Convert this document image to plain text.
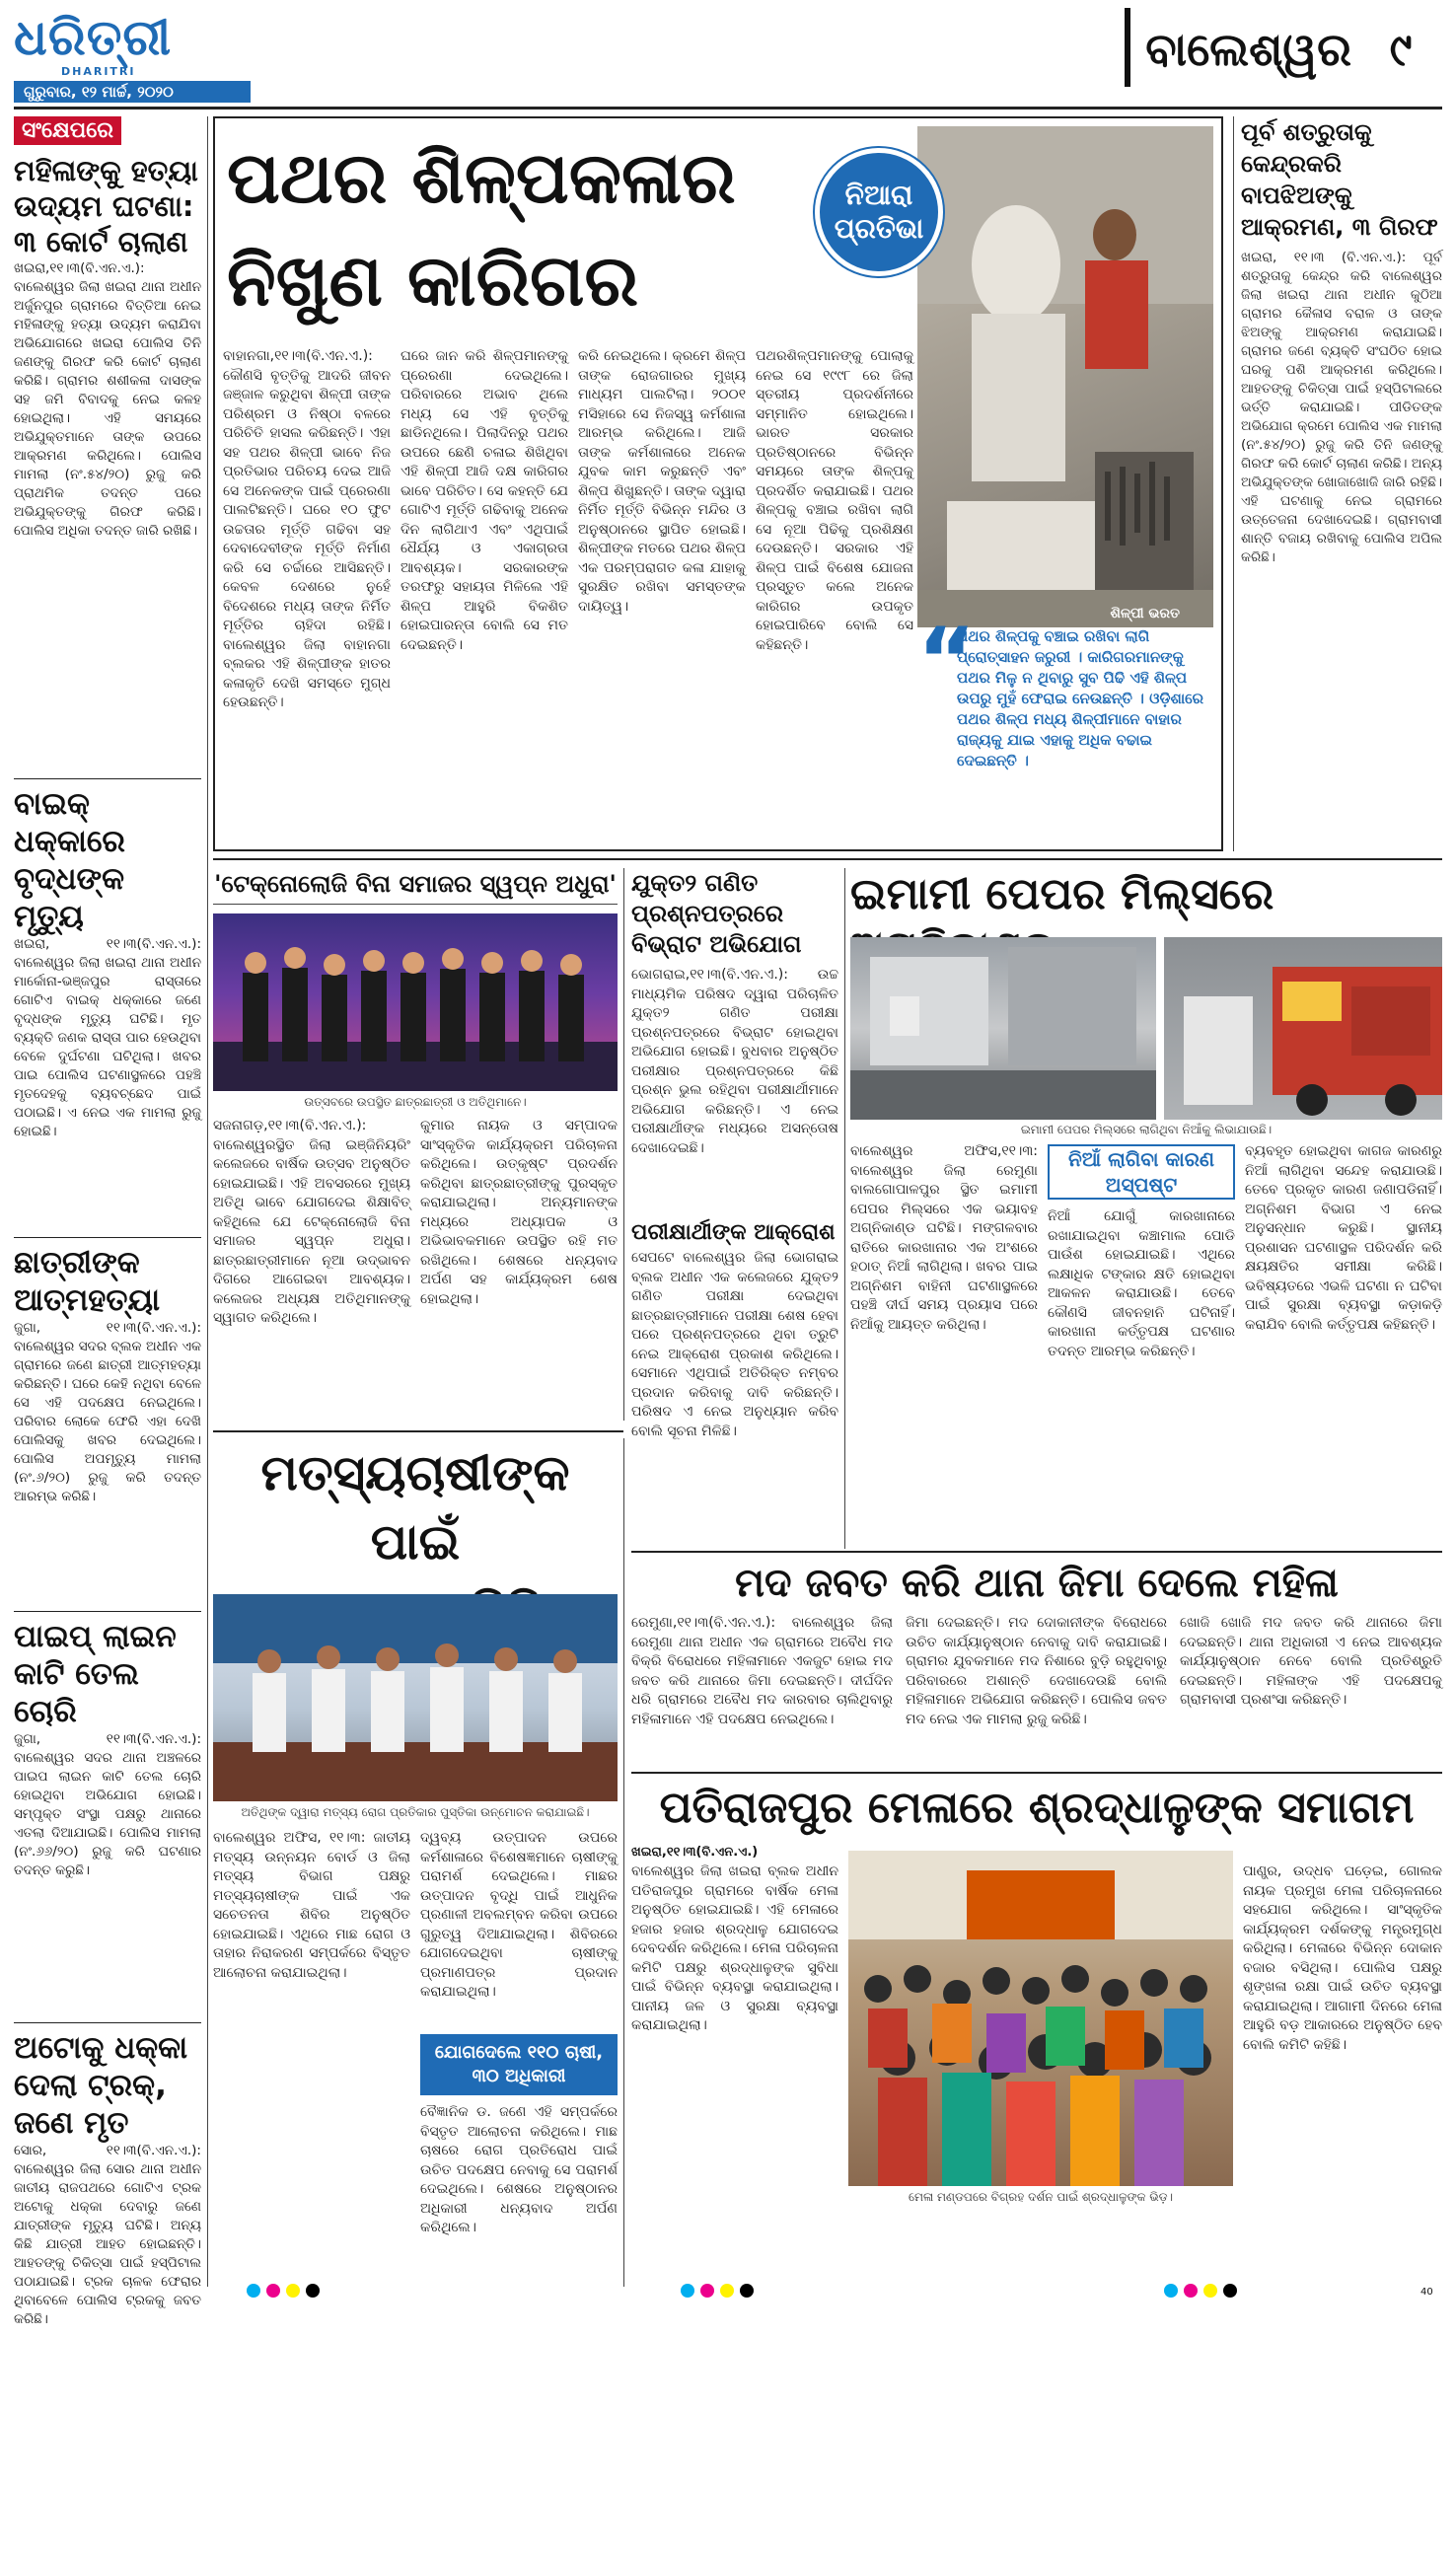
ଧରିତ୍ରୀ
DHARITRI
ଗୁରୁବାର, ୧୨ ମାର୍ଚ୍ଚ, ୨୦୨୦
ବାଲେଶ୍ୱର ୯
ସଂକ୍ଷେପରେ
ମହିଳାଙ୍କୁ ହତ୍ୟା ଉଦ୍ୟମ ଘଟଣା: ୩ କୋର୍ଟ ଚାଲାଣ
ଖଇରା,୧୧।୩(ବି.ଏନ.ଏ.): ବାଲେଶ୍ୱର ଜିଲା ଖଇରା ଥାନା ଅଧୀନ ଅର୍ଜୁନପୁର ଗ୍ରାମରେ ବିତ୍ତିଆ ନେଇ ମହିଳାଙ୍କୁ ହତ୍ୟା ଉଦ୍ୟମ କରାଯିବା ଅଭିଯୋଗରେ ଖଇରା ପୋଲିସ ତିନି ଜଣଙ୍କୁ ଗିରଫ କରି କୋର୍ଟ ଚାଲାଣ କରିଛି। ଗ୍ରାମର ଶଶୀକଳା ଦାସଙ୍କ ସହ ଜମି ବିବାଦକୁ ନେଇ କଳହ ହୋଇଥିଲା। ଏହି ସମୟରେ ଅଭିଯୁକ୍ତମାନେ ତାଙ୍କ ଉପରେ ଆକ୍ରମଣ କରିଥିଲେ। ପୋଲିସ ମାମଲା (ନଂ.୫୪/୨୦) ରୁଜୁ କରି ପ୍ରାଥମିକ ତଦନ୍ତ ପରେ ଅଭିଯୁକ୍ତଙ୍କୁ ଗିରଫ କରିଛି। ପୋଲିସ ଅଧିକା ତଦନ୍ତ ଜାରି ରଖିଛି।
ବାଇକ୍ ଧକ୍କାରେ ବୃଦ୍ଧଙ୍କ ମୃତ୍ୟୁ
ଖଇରା, ୧୧।୩(ବି.ଏନ.ଏ.): ବାଲେଶ୍ୱର ଜିଲା ଖଇରା ଥାନା ଅଧୀନ ମାର୍କୋନା-ଭଞ୍ଜପୁର ରାସ୍ତାରେ ଗୋଟିଏ ବାଇକ୍ ଧକ୍କାରେ ଜଣେ ବୃଦ୍ଧଙ୍କ ମୃତ୍ୟୁ ଘଟିଛି। ମୃତ ବ୍ୟକ୍ତି ଜଣକ ରାସ୍ତା ପାର ହେଉଥିବା ବେଳେ ଦୁର୍ଘଟଣା ଘଟିଥିଲା। ଖବର ପାଇ ପୋଲିସ ଘଟଣାସ୍ଥଳରେ ପହଞ୍ଚି ମୃତଦେହକୁ ବ୍ୟବଚ୍ଛେଦ ପାଇଁ ପଠାଇଛି। ଏ ନେଇ ଏକ ମାମଲା ରୁଜୁ ହୋଇଛି।
ଛାତ୍ରୀଙ୍କ ଆତ୍ମହତ୍ୟା
ଜୁଗା, ୧୧।୩(ବି.ଏନ.ଏ.): ବାଲେଶ୍ୱର ସଦର ବ୍ଲକ ଅଧୀନ ଏକ ଗ୍ରାମରେ ଜଣେ ଛାତ୍ରୀ ଆତ୍ମହତ୍ୟା କରିଛନ୍ତି। ଘରେ କେହି ନଥିବା ବେଳେ ସେ ଏହି ପଦକ୍ଷେପ ନେଇଥିଲେ। ପରିବାର ଲୋକେ ଫେରି ଏହା ଦେଖି ପୋଲିସକୁ ଖବର ଦେଇଥିଲେ। ପୋଲିସ ଅପମୃତ୍ୟୁ ମାମଲା (ନଂ.୬/୨୦) ରୁଜୁ କରି ତଦନ୍ତ ଆରମ୍ଭ କରିଛି।
ପାଇପ୍ ଲାଇନ କାଟି ତେଲ ଚୋରି
ଜୁଗା, ୧୧।୩(ବି.ଏନ.ଏ.): ବାଲେଶ୍ୱର ସଦର ଥାନା ଅଞ୍ଚଳରେ ପାଇପ ଲାଇନ କାଟି ତେଲ ଚୋରି ହୋଇଥିବା ଅଭିଯୋଗ ହୋଇଛି। ସମ୍ପୃକ୍ତ ସଂସ୍ଥା ପକ୍ଷରୁ ଥାନାରେ ଏତଲା ଦିଆଯାଇଛି। ପୋଲିସ ମାମଲା (ନଂ.୬୬/୨୦) ରୁଜୁ କରି ଘଟଣାର ତଦନ୍ତ କରୁଛି।
ଅଟୋକୁ ଧକ୍କା ଦେଲା ଟ୍ରକ୍, ଜଣେ ମୃତ
ସୋର, ୧୧।୩(ବି.ଏନ.ଏ.): ବାଲେଶ୍ୱର ଜିଲା ସୋର ଥାନା ଅଧୀନ ଜାତୀୟ ରାଜପଥରେ ଗୋଟିଏ ଟ୍ରକ ଅଟୋକୁ ଧକ୍କା ଦେବାରୁ ଜଣେ ଯାତ୍ରୀଙ୍କ ମୃତ୍ୟୁ ଘଟିଛି। ଅନ୍ୟ କିଛି ଯାତ୍ରୀ ଆହତ ହୋଇଛନ୍ତି। ଆହତଙ୍କୁ ଚିକିତ୍ସା ପାଇଁ ହସ୍ପିଟାଲ ପଠାଯାଇଛି। ଟ୍ରକ ଚାଳକ ଫେରାର ଥିବାବେଳେ ପୋଲିସ ଟ୍ରକକୁ ଜବତ କରିଛି।
ପଥର ଶିଳ୍ପକଳାର
ନିଖୁଣ କାରିଗର
ନିଆରା
ପ୍ରତିଭା
ଶିଳ୍ପୀ ଭରତ
“
ପଥର ଶିଳ୍ପକୁ ବଞ୍ଚାଇ ରଖିବା ଲାଗି ପ୍ରୋତ୍ସାହନ ଜରୁରୀ । କାରିଗରମାନଙ୍କୁ ପଥର ମିଳୁ ନ ଥିବାରୁ ସୁବ ପିଢି ଏହି ଶିଳ୍ପ ଉପରୁ ମୁହଁ ଫେରାଇ ନେଉଛନ୍ତି । ଓଡ଼ିଶାରେ ପଥର ଶିଳ୍ପ ମଧ୍ୟ ଶିଳ୍ପୀମାନେ ବାହାର ରାଜ୍ୟକୁ ଯାଇ ଏହାକୁ ଅଧିକ ବଢାଇ ଦେଇଛନ୍ତି ।
ବାହାନଗା,୧୧।୩(ବି.ଏନ.ଏ.): କୌଣସି ବୃତ୍ତିକୁ ଆଦରି ଜୀବନ ଜଞ୍ଜାଳ କରୁଥିବା ଶିଳ୍ପୀ ତାଙ୍କ ପରିଶ୍ରମ ଓ ନିଷ୍ଠା ବଳରେ ପରିଚିତି ହାସଲ କରିଛନ୍ତି। ଏହା ସହ ପଥର ଶିଳ୍ପୀ ଭାବେ ନିଜ ପ୍ରତିଭାର ପରିଚୟ ଦେଇ ଆଜି ସେ ଅନେକଙ୍କ ପାଇଁ ପ୍ରେରଣା ପାଲଟିଛନ୍ତି। ଘରେ ୧୦ ଫୁଟ ଉଚ୍ଚତାର ମୂର୍ତ୍ତି ଗଢିବା ସହ ଦେବାଦେବୀଙ୍କ ମୂର୍ତ୍ତି ନିର୍ମାଣ କରି ସେ ଚର୍ଚ୍ଚାରେ ଆସିଛନ୍ତି। କେବଳ ଦେଶରେ ନୁହେଁ ବିଦେଶରେ ମଧ୍ୟ ତାଙ୍କ ନିର୍ମିତ ମୂର୍ତ୍ତିର ଚାହିଦା ରହିଛି। ବାଲେଶ୍ୱର ଜିଲା ବାହାନଗା ବ୍ଲକର ଏହି ଶିଳ୍ପୀଙ୍କ ହାତର କଳାକୃତି ଦେଖି ସମସ୍ତେ ମୁଗ୍ଧ ହେଉଛନ୍ତି।
ଘରେ ଜାନ କରି ଶିଳ୍ପମାନଙ୍କୁ ପ୍ରେରଣା ଦେଇଥିଲେ। ପରିବାରରେ ଅଭାବ ଥିଲେ ମଧ୍ୟ ସେ ଏହି ବୃତ୍ତିକୁ ଛାଡିନଥିଲେ। ପିଲାଦିନରୁ ପଥର ଉପରେ ଛେଣି ଚଳାଇ ଶିଖିଥିବା ଏହି ଶିଳ୍ପୀ ଆଜି ଦକ୍ଷ କାରିଗର ଭାବେ ପରିଚିତ। ସେ କହନ୍ତି ଯେ ଗୋଟିଏ ମୂର୍ତ୍ତି ଗଢିବାକୁ ଅନେକ ଦିନ ଲାଗିଥାଏ ଏବଂ ଏଥିପାଇଁ ଧୈର୍ଯ୍ୟ ଓ ଏକାଗ୍ରତା ଆବଶ୍ୟକ। ସରକାରଙ୍କ ତରଫରୁ ସହାୟତା ମିଳିଲେ ଏହି ଶିଳ୍ପ ଆହୁରି ବିକଶିତ ହୋଇପାରନ୍ତା ବୋଲି ସେ ମତ ଦେଇଛନ୍ତି।
କରି ନେଇଥିଲେ। କ୍ରମେ ଶିଳ୍ପ ତାଙ୍କ ରୋଜଗାରର ମୁଖ୍ୟ ମାଧ୍ୟମ ପାଲଟିଲା। ୨୦୦୧ ମସିହାରେ ସେ ନିଜସ୍ୱ କର୍ମଶାଳା ଆରମ୍ଭ କରିଥିଲେ। ଆଜି ତାଙ୍କ କର୍ମଶାଳାରେ ଅନେକ ଯୁବକ କାମ କରୁଛନ୍ତି ଏବଂ ଶିଳ୍ପ ଶିଖୁଛନ୍ତି। ତାଙ୍କ ଦ୍ୱାରା ନିର୍ମିତ ମୂର୍ତ୍ତି ବିଭିନ୍ନ ମନ୍ଦିର ଓ ଅନୁଷ୍ଠାନରେ ସ୍ଥାପିତ ହୋଇଛି। ଶିଳ୍ପୀଙ୍କ ମତରେ ପଥର ଶିଳ୍ପ ଏକ ପରମ୍ପରାଗତ କଳା ଯାହାକୁ ସୁରକ୍ଷିତ ରଖିବା ସମସ୍ତଙ୍କ ଦାୟିତ୍ୱ।
ପଥରଶିଳ୍ପମାନଙ୍କୁ ପୋଲାକୁ ନେଇ ସେ ୧୯୯୮ ରେ ଜିଲା ସ୍ତରୀୟ ପ୍ରଦର୍ଶନୀରେ ସମ୍ମାନିତ ହୋଇଥିଲେ। ଭାରତ ସରକାର ପ୍ରତିଷ୍ଠାନରେ ବିଭିନ୍ନ ସମୟରେ ତାଙ୍କ ଶିଳ୍ପକୁ ପ୍ରଦର୍ଶିତ କରାଯାଇଛି। ପଥର ଶିଳ୍ପକୁ ବଞ୍ଚାଇ ରଖିବା ଲାଗି ସେ ନୂଆ ପିଢିକୁ ପ୍ରଶିକ୍ଷଣ ଦେଉଛନ୍ତି। ସରକାର ଏହି ଶିଳ୍ପ ପାଇଁ ବିଶେଷ ଯୋଜନା ପ୍ରସ୍ତୁତ କଲେ ଅନେକ କାରିଗର ଉପକୃତ ହୋଇପାରିବେ ବୋଲି ସେ କହିଛନ୍ତି।
ପୂର୍ବ ଶତ୍ରୁତାକୁ କେନ୍ଦ୍ରକରି ବାପଝିଅଙ୍କୁ ଆକ୍ରମଣ, ୩ ଗିରଫ
ଖଇରା, ୧୧।୩ (ବି.ଏନ.ଏ.): ପୂର୍ବ ଶତ୍ରୁତାକୁ କେନ୍ଦ୍ର କରି ବାଲେଶ୍ୱର ଜିଲା ଖଇରା ଥାନା ଅଧୀନ କୁଠିଆ ଗ୍ରାମର କୈଳାସ ବରାଳ ଓ ତାଙ୍କ ଝିଅଙ୍କୁ ଆକ୍ରମଣ କରାଯାଇଛି। ଗ୍ରାମର ଜଣେ ବ୍ୟକ୍ତି ସଂଘଠିତ ହୋଇ ଘରକୁ ପଶି ଆକ୍ରମଣ କରିଥିଲେ। ଆହତଙ୍କୁ ଚିକିତ୍ସା ପାଇଁ ହସ୍ପିଟାଲରେ ଭର୍ତ୍ତି କରାଯାଇଛି। ପୀଡିତଙ୍କ ଅଭିଯୋଗ କ୍ରମେ ପୋଲିସ ଏକ ମାମଲା (ନଂ.୫୪/୨୦) ରୁଜୁ କରି ତିନି ଜଣଙ୍କୁ ଗିରଫ କରି କୋର୍ଟ ଚାଲାଣ କରିଛି। ଅନ୍ୟ ଅଭିଯୁକ୍ତଙ୍କ ଖୋଜାଖୋଜି ଜାରି ରହିଛି। ଏହି ଘଟଣାକୁ ନେଇ ଗ୍ରାମରେ ଉତ୍ତେଜନା ଦେଖାଦେଇଛି। ଗ୍ରାମବାସୀ ଶାନ୍ତି ବଜାୟ ରଖିବାକୁ ପୋଲିସ ଅପିଲ କରିଛି।
'ଟେକ୍ନୋଲୋଜି ବିନା ସମାଜର ସ୍ୱପ୍ନ ଅଧୁରା'
ଉତ୍ସବରେ ଉପସ୍ଥିତ ଛାତ୍ରଛାତ୍ରୀ ଓ ଅତିଥିମାନେ।
ସଜନାଗଡ଼,୧୧।୩(ବି.ଏନ.ଏ.): ବାଲେଶ୍ୱରସ୍ଥିତ ଜିଲା ଇଞ୍ଜିନିୟରିଂ କଲେଜରେ ବାର୍ଷିକ ଉତ୍ସବ ଅନୁଷ୍ଠିତ ହୋଇଯାଇଛି। ଏହି ଅବସରରେ ମୁଖ୍ୟ ଅତିଥି ଭାବେ ଯୋଗଦେଇ ଶିକ୍ଷାବିତ୍ କହିଥିଲେ ଯେ ଟେକ୍ନୋଲୋଜି ବିନା ସମାଜର ସ୍ୱପ୍ନ ଅଧୁରା। ଛାତ୍ରଛାତ୍ରୀମାନେ ନୂଆ ଉଦ୍ଭାବନ ଦିଗରେ ଆଗେଇବା ଆବଶ୍ୟକ। କଲେଜର ଅଧ୍ୟକ୍ଷ ଅତିଥିମାନଙ୍କୁ ସ୍ୱାଗତ କରିଥିଲେ।
କୁମାର ନାୟକ ଓ ସମ୍ପାଦକ ସାଂସ୍କୃତିକ କାର୍ଯ୍ୟକ୍ରମ ପରିଚାଳନା କରିଥିଲେ। ଉତ୍କୃଷ୍ଟ ପ୍ରଦର୍ଶନ କରିଥିବା ଛାତ୍ରଛାତ୍ରୀଙ୍କୁ ପୁରସ୍କୃତ କରାଯାଇଥିଲା। ଅନ୍ୟମାନଙ୍କ ମଧ୍ୟରେ ଅଧ୍ୟାପକ ଓ ଅଭିଭାବକମାନେ ଉପସ୍ଥିତ ରହି ମତ ରଖିଥିଲେ। ଶେଷରେ ଧନ୍ୟବାଦ ଅର୍ପଣ ସହ କାର୍ଯ୍ୟକ୍ରମ ଶେଷ ହୋଇଥିଲା।
ଯୁକ୍ତ୨ ଗଣିତ ପ୍ରଶ୍ନପତ୍ରରେ ବିଭ୍ରାଟ ଅଭିଯୋଗ
ଭୋଗରାଇ,୧୧।୩(ବି.ଏନ.ଏ.): ଉଚ୍ଚ ମାଧ୍ୟମିକ ପରିଷଦ ଦ୍ୱାରା ପରିଚାଳିତ ଯୁକ୍ତ୨ ଗଣିତ ପରୀକ୍ଷା ପ୍ରଶ୍ନପତ୍ରରେ ବିଭ୍ରାଟ ହୋଇଥିବା ଅଭିଯୋଗ ହୋଇଛି। ବୁଧବାର ଅନୁଷ୍ଠିତ ପରୀକ୍ଷାର ପ୍ରଶ୍ନପତ୍ରରେ କିଛି ପ୍ରଶ୍ନ ଭୁଲ ରହିଥିବା ପରୀକ୍ଷାର୍ଥୀମାନେ ଅଭିଯୋଗ କରିଛନ୍ତି। ଏ ନେଇ ପରୀକ୍ଷାର୍ଥୀଙ୍କ ମଧ୍ୟରେ ଅସନ୍ତୋଷ ଦେଖାଦେଇଛି।
ପରୀକ୍ଷାର୍ଥୀଙ୍କ ଆକ୍ରୋଶ
ସେପଟେ ବାଲେଶ୍ୱର ଜିଲା ଭୋଗରାଇ ବ୍ଲକ ଅଧୀନ ଏକ କଲେଜରେ ଯୁକ୍ତ୨ ଗଣିତ ପରୀକ୍ଷା ଦେଇଥିବା ଛାତ୍ରଛାତ୍ରୀମାନେ ପରୀକ୍ଷା ଶେଷ ହେବା ପରେ ପ୍ରଶ୍ନପତ୍ରରେ ଥିବା ତ୍ରୁଟି ନେଇ ଆକ୍ରୋଶ ପ୍ରକାଶ କରିଥିଲେ। ସେମାନେ ଏଥିପାଇଁ ଅତିରିକ୍ତ ନମ୍ବର ପ୍ରଦାନ କରିବାକୁ ଦାବି କରିଛନ୍ତି। ପରିଷଦ ଏ ନେଇ ଅନୁଧ୍ୟାନ କରିବ ବୋଲି ସୂଚନା ମିଳିଛି।
ଇମାମୀ ପେପର ମିଲ୍ସରେ
ଇମାମୀ ପେପର ମିଲ୍ସରେ ଲାଗିଥିବା ନିଆଁକୁ ଲିଭାଯାଉଛି।
ବାଲେଶ୍ୱର ଅଫିସ,୧୧।୩: ବାଲେଶ୍ୱର ଜିଲା ରେମୁଣା ବାଲଗୋପାଳପୁର ସ୍ଥିତ ଇମାମୀ ପେପର ମିଲ୍ସରେ ଏକ ଭୟାବହ ଅଗ୍ନିକାଣ୍ଡ ଘଟିଛି। ମଙ୍ଗଳବାର ରାତିରେ କାରଖାନାର ଏକ ଅଂଶରେ ହଠାତ୍ ନିଆଁ ଲାଗିଥିଲା। ଖବର ପାଇ ଅଗ୍ନିଶମ ବାହିନୀ ଘଟଣାସ୍ଥଳରେ ପହଞ୍ଚି ଦୀର୍ଘ ସମୟ ପ୍ରୟାସ ପରେ ନିଆଁକୁ ଆୟତ୍ତ କରିଥିଲା।
ନିଆଁ ଲାଗିବା କାରଣ ଅସ୍ପଷ୍ଟ
ନିଆଁ ଯୋଗୁଁ କାରଖାନାରେ ରଖାଯାଇଥିବା କଞ୍ଚାମାଲ ପୋଡି ପାଉଁଶ ହୋଇଯାଇଛି। ଏଥିରେ ଲକ୍ଷାଧିକ ଟଙ୍କାର କ୍ଷତି ହୋଇଥିବା ଆକଳନ କରାଯାଉଛି। ତେବେ କୌଣସି ଜୀବନହାନି ଘଟିନାହିଁ। କାରଖାନା କର୍ତ୍ତୃପକ୍ଷ ଘଟଣାର ତଦନ୍ତ ଆରମ୍ଭ କରିଛନ୍ତି।
ବ୍ୟବହୃତ ହୋଇଥିବା କାଗଜ କାରଣରୁ ନିଆଁ ଲାଗିଥିବା ସନ୍ଦେହ କରାଯାଉଛି। ତେବେ ପ୍ରକୃତ କାରଣ ଜଣାପଡିନାହିଁ। ଅଗ୍ନିଶମ ବିଭାଗ ଏ ନେଇ ଅନୁସନ୍ଧାନ କରୁଛି। ସ୍ଥାନୀୟ ପ୍ରଶାସନ ଘଟଣାସ୍ଥଳ ପରିଦର୍ଶନ କରି କ୍ଷୟକ୍ଷତିର ସମୀକ୍ଷା କରିଛି। ଭବିଷ୍ୟତରେ ଏଭଳି ଘଟଣା ନ ଘଟିବା ପାଇଁ ସୁରକ୍ଷା ବ୍ୟବସ୍ଥା କଡ଼ାକଡ଼ି କରାଯିବ ବୋଲି କର୍ତ୍ତୃପକ୍ଷ କହିଛନ୍ତି।
ମତ୍ସ୍ୟଚାଷୀଙ୍କ ପାଇଁ
ଅତିଥିଙ୍କ ଦ୍ୱାରା ମତ୍ସ୍ୟ ରୋଗ ପ୍ରତିକାର ପୁସ୍ତିକା ଉନ୍ମୋଚନ କରାଯାଇଛି।
ବାଲେଶ୍ୱର ଅଫିସ, ୧୧।୩: ଜାତୀୟ ମତ୍ସ୍ୟ ଉନ୍ନୟନ ବୋର୍ଡ ଓ ଜିଲା ମତ୍ସ୍ୟ ବିଭାଗ ପକ୍ଷରୁ ମତ୍ସ୍ୟଚାଷୀଙ୍କ ପାଇଁ ଏକ ସଚେତନତା ଶିବିର ଅନୁଷ୍ଠିତ ହୋଇଯାଇଛି। ଏଥିରେ ମାଛ ରୋଗ ଓ ତାହାର ନିରାକରଣ ସମ୍ପର୍କରେ ବିସ୍ତୃତ ଆଲୋଚନା କରାଯାଇଥିଲା।
ଦ୍ୱବ୍ୟ ଉତ୍ପାଦନ ଉପରେ କର୍ମଶାଳାରେ ବିଶେଷଜ୍ଞମାନେ ଚାଷୀଙ୍କୁ ପରାମର୍ଶ ଦେଇଥିଲେ। ମାଛର ଉତ୍ପାଦନ ବୃଦ୍ଧି ପାଇଁ ଆଧୁନିକ ପ୍ରଣାଳୀ ଅବଲମ୍ବନ କରିବା ଉପରେ ଗୁରୁତ୍ୱ ଦିଆଯାଇଥିଲା। ଶିବିରରେ ଯୋଗଦେଇଥିବା ଚାଷୀଙ୍କୁ ପ୍ରମାଣପତ୍ର ପ୍ରଦାନ କରାଯାଇଥିଲା।
ଯୋଗଦେଲେ ୧୧୦ ଚାଷୀ, ୩୦ ଅଧିକାରୀ
ବୈଜ୍ଞାନିକ ଡ. ଜଣେ ଏହି ସମ୍ପର୍କରେ ବିସ୍ତୃତ ଆଲୋଚନା କରିଥିଲେ। ମାଛ ଚାଷରେ ରୋଗ ପ୍ରତିରୋଧ ପାଇଁ ଉଚିତ ପଦକ୍ଷେପ ନେବାକୁ ସେ ପରାମର୍ଶ ଦେଇଥିଲେ। ଶେଷରେ ଅନୁଷ୍ଠାନର ଅଧିକାରୀ ଧନ୍ୟବାଦ ଅର୍ପଣ କରିଥିଲେ।
ମଦ ଜବତ କରି ଥାନା ଜିମା ଦେଲେ ମହିଳା
ରେମୁଣା,୧୧।୩(ବି.ଏନ.ଏ.): ବାଲେଶ୍ୱର ଜିଲା ରେମୁଣା ଥାନା ଅଧୀନ ଏକ ଗ୍ରାମରେ ଅବୈଧ ମଦ ବିକ୍ରି ବିରୋଧରେ ମହିଳାମାନେ ଏକଜୁଟ ହୋଇ ମଦ ଜବତ କରି ଥାନାରେ ଜିମା ଦେଇଛନ୍ତି। ଦୀର୍ଘଦିନ ଧରି ଗ୍ରାମରେ ଅବୈଧ ମଦ କାରବାର ଚାଲିଥିବାରୁ ମହିଳାମାନେ ଏହି ପଦକ୍ଷେପ ନେଇଥିଲେ।
ଜିମା ଦେଇଛନ୍ତି। ମଦ ଦୋକାନୀଙ୍କ ବିରୋଧରେ ଉଚିତ କାର୍ଯ୍ୟାନୁଷ୍ଠାନ ନେବାକୁ ଦାବି କରାଯାଇଛି। ଗ୍ରାମର ଯୁବକମାନେ ମଦ ନିଶାରେ ବୁଡ଼ି ରହୁଥିବାରୁ ପରିବାରରେ ଅଶାନ୍ତି ଦେଖାଦେଉଛି ବୋଲି ମହିଳାମାନେ ଅଭିଯୋଗ କରିଛନ୍ତି। ପୋଲିସ ଜବତ ମଦ ନେଇ ଏକ ମାମଲା ରୁଜୁ କରିଛି।
ଖୋଜି ଖୋଜି ମଦ ଜବତ କରି ଥାନାରେ ଜିମା ଦେଇଛନ୍ତି। ଥାନା ଅଧିକାରୀ ଏ ନେଇ ଆବଶ୍ୟକ କାର୍ଯ୍ୟାନୁଷ୍ଠାନ ନେବେ ବୋଲି ପ୍ରତିଶ୍ରୁତି ଦେଇଛନ୍ତି। ମହିଳାଙ୍କ ଏହି ପଦକ୍ଷେପକୁ ଗ୍ରାମବାସୀ ପ୍ରଶଂସା କରିଛନ୍ତି।
ପତିରାଜପୁର ମେଳାରେ ଶ୍ରଦ୍ଧାଳୁଙ୍କ ସମାଗମ
ଖଇରା,୧୧।୩(ବି.ଏନ.ଏ.)
ବାଲେଶ୍ୱର ଜିଲା ଖଇରା ବ୍ଲକ ଅଧୀନ ପତିରାଜପୁର ଗ୍ରାମରେ ବାର୍ଷିକ ମେଳା ଅନୁଷ୍ଠିତ ହୋଇଯାଇଛି। ଏହି ମେଳାରେ ହଜାର ହଜାର ଶ୍ରଦ୍ଧାଳୁ ଯୋଗଦେଇ ଦେବଦର୍ଶନ କରିଥିଲେ। ମେଳା ପରିଚାଳନା କମିଟି ପକ୍ଷରୁ ଶ୍ରଦ୍ଧାଳୁଙ୍କ ସୁବିଧା ପାଇଁ ବିଭିନ୍ନ ବ୍ୟବସ୍ଥା କରାଯାଇଥିଲା। ପାନୀୟ ଜଳ ଓ ସୁରକ୍ଷା ବ୍ୟବସ୍ଥା କରାଯାଇଥିଲା।
ମେଳା ମଣ୍ଡପରେ ବିଗ୍ରହ ଦର୍ଶନ ପାଇଁ ଶ୍ରଦ୍ଧାଳୁଙ୍କ ଭିଡ଼।
ପାଣ୍ଡ୍ର, ଉଦ୍ଧବ ଘଡ଼େଇ, ଗୋଲକ ନାୟକ ପ୍ରମୁଖ ମେଳା ପରିଚାଳନାରେ ସହଯୋଗ କରିଥିଲେ। ସାଂସ୍କୃତିକ କାର୍ଯ୍ୟକ୍ରମ ଦର୍ଶକଙ୍କୁ ମନ୍ତ୍ରମୁଗ୍ଧ କରିଥିଲା। ମେଳାରେ ବିଭିନ୍ନ ଦୋକାନ ବଜାର ବସିଥିଲା। ପୋଲିସ ପକ୍ଷରୁ ଶୃଙ୍ଖଳା ରକ୍ଷା ପାଇଁ ଉଚିତ ବ୍ୟବସ୍ଥା କରାଯାଇଥିଲା। ଆଗାମୀ ଦିନରେ ମେଳା ଆହୁରି ବଡ଼ ଆକାରରେ ଅନୁଷ୍ଠିତ ହେବ ବୋଲି କମିଟି କହିଛି।
40
